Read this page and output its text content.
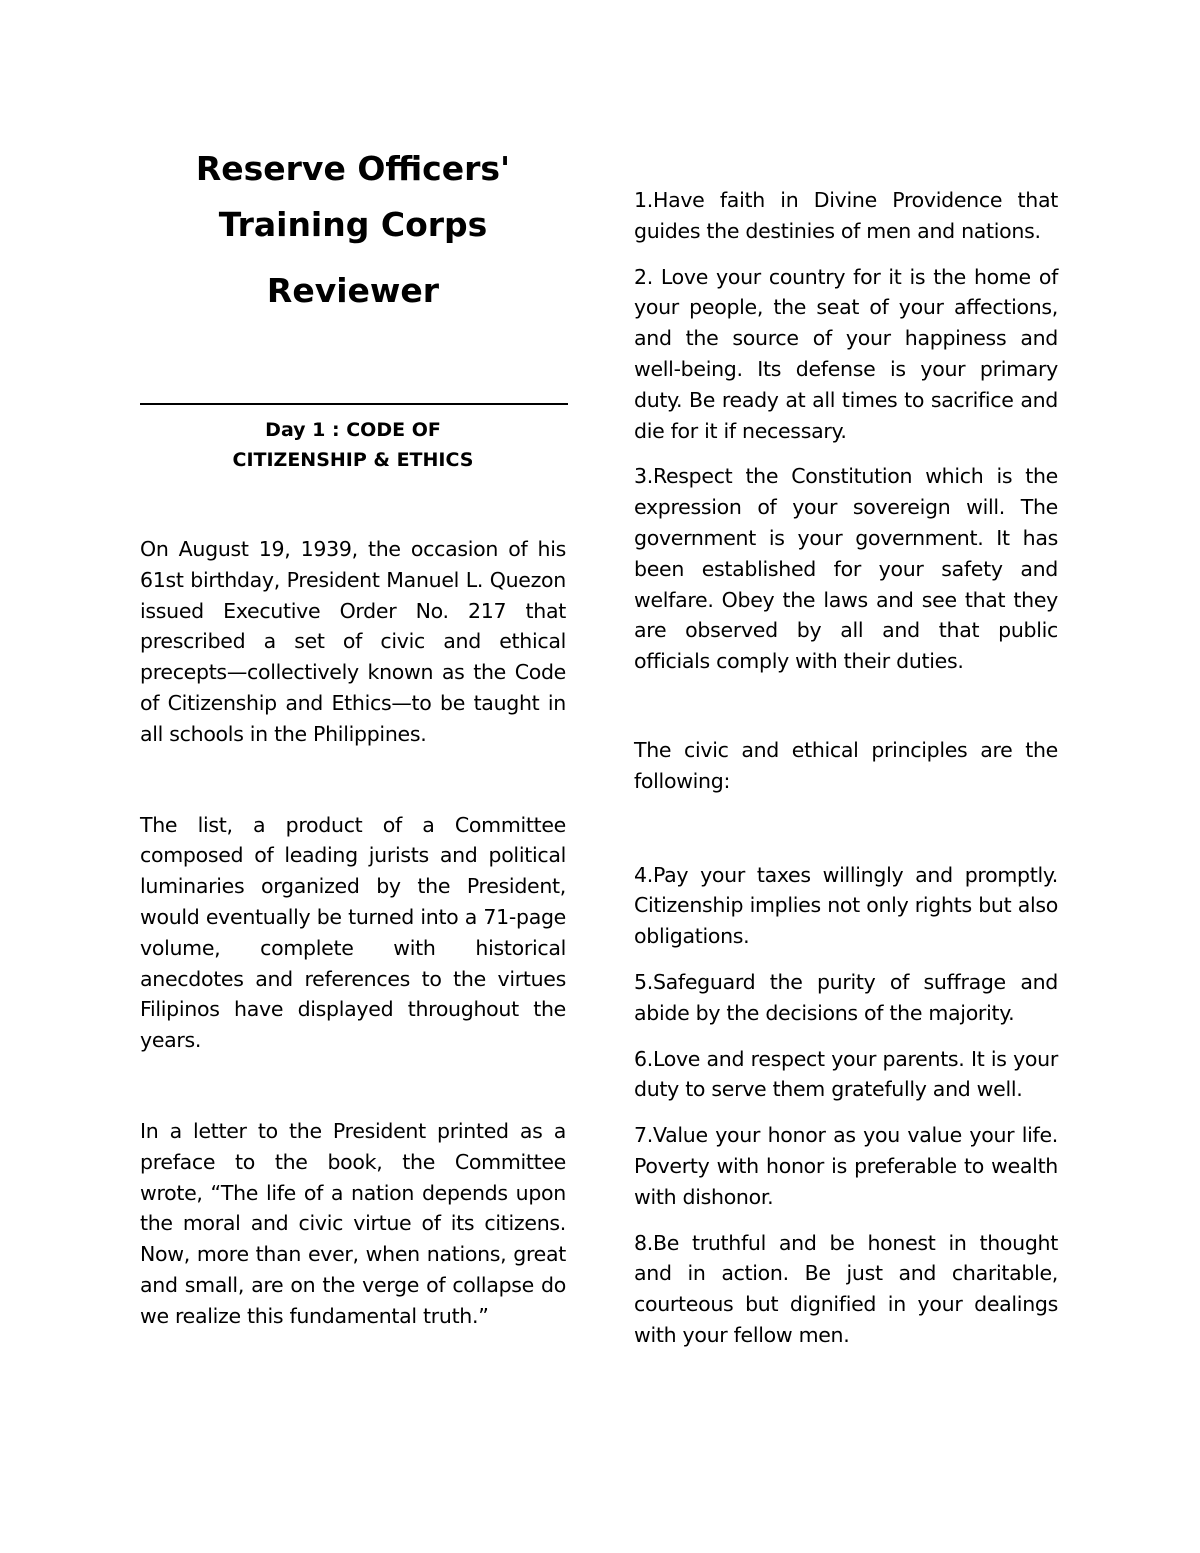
Reserve Officers'
Training Corps
Reviewer
Day 1 : CODE OF
CITIZENSHIP & ETHICS

On August 19, 1939, the occasion of his 61st birthday, President Manuel L. Quezon issued Executive Order No. 217 that prescribed a set of civic and ethical precepts—collectively known as the Code of Citizenship and Ethics—to be taught in all schools in the Philippines.

The list, a product of a Committee composed of leading jurists and political luminaries organized by the President, would eventually be turned into a 71-page volume, complete with historical anecdotes and references to the virtues Filipinos have displayed throughout the years.

In a letter to the President printed as a preface to the book, the Committee wrote, “The life of a nation depends upon the moral and civic virtue of its citizens. Now, more than ever, when nations, great and small, are on the verge of collapse do we realize this fundamental truth.”

1.Have faith in Divine Providence that guides the destinies of men and nations.

2. Love your country for it is the home of your people, the seat of your affections, and the source of your happiness and well-being. Its defense is your primary duty. Be ready at all times to sacrifice and die for it if necessary.

3.Respect the Constitution which is the expression of your sovereign will. The government is your government. It has been established for your safety and welfare. Obey the laws and see that they are observed by all and that public officials comply with their duties.

The civic and ethical principles are the following:

4.Pay your taxes willingly and promptly. Citizenship implies not only rights but also obligations.

5.Safeguard the purity of suffrage and abide by the decisions of the majority.

6.Love and respect your parents. It is your duty to serve them gratefully and well.

7.Value your honor as you value your life. Poverty with honor is preferable to wealth with dishonor.

8.Be truthful and be honest in thought and in action. Be just and charitable, courteous but dignified in your dealings with your fellow men.
